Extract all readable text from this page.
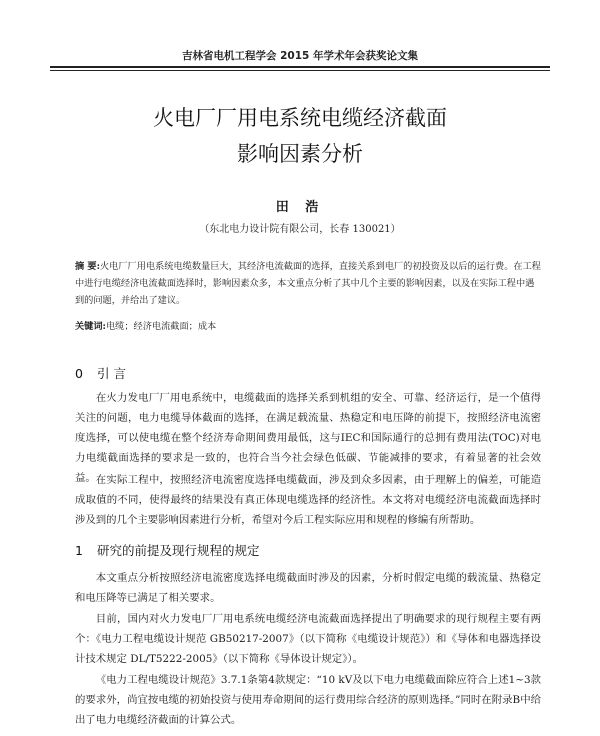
吉林省电机工程学会 2015 年学术年会获奖论文集
火电厂厂用电系统电缆经济截面
影响因素分析
田 浩
（东北电力设计院有限公司，长春 130021）
摘 要:火电厂厂用电系统电缆数量巨大，其经济电流截面的选择，直接关系到电厂的初投资及以后的运行费。在工程中进行电缆经济电流截面选择时，影响因素众多，本文重点分析了其中几个主要的影响因素，以及在实际工程中遇到的问题，并给出了建议。
关键词:电缆；经济电流截面；成本
0 引 言

在火力发电厂厂用电系统中，电缆截面的选择关系到机组的安全、可靠、经济运行，是一个值得关注的问题，电力电缆导体截面的选择，在满足载流量、热稳定和电压降的前提下，按照经济电流密度选择，可以使电缆在整个经济寿命期间费用最低，这与IEC和国际通行的总拥有费用法(TOC)对电力电缆截面选择的要求是一致的，也符合当今社会绿色低碳、节能减排的要求，有着显著的社会效益。 在实际工程中，按照经济电流密度选择电缆截面，涉及到众多因素，由于理解上的偏差，可能造成取值的不同，使得最终的结果没有真正体现电缆选择的经济性。本文将对电缆经济电流截面选择时涉及到的几个主要影响因素进行分析，希望对今后工程实际应用和规程的修编有所帮助。

1 研究的前提及现行规程的规定

本文重点分析按照经济电流密度选择电缆截面时涉及的因素，分析时假定电缆的载流量、热稳定和电压降等已满足了相关要求。

目前，国内对火力发电厂厂用电系统电缆经济电流截面选择提出了明确要求的现行规程主要有两个：《电力工程电缆设计规范 GB50217-2007》（以下简称《电缆设计规范》）和《导体和电器选择设计技术规定 DL/T5222-2005》（以下简称《导体设计规定》）。

《电力工程电缆设计规范》3.7.1条第4款规定：“10 kV及以下电力电缆截面除应符合上述1~3款的要求外，尚宜按电缆的初始投资与使用寿命期间的运行费用综合经济的原则选择。”同时在附录B中给出了电力电缆经济截面的计算公式。
